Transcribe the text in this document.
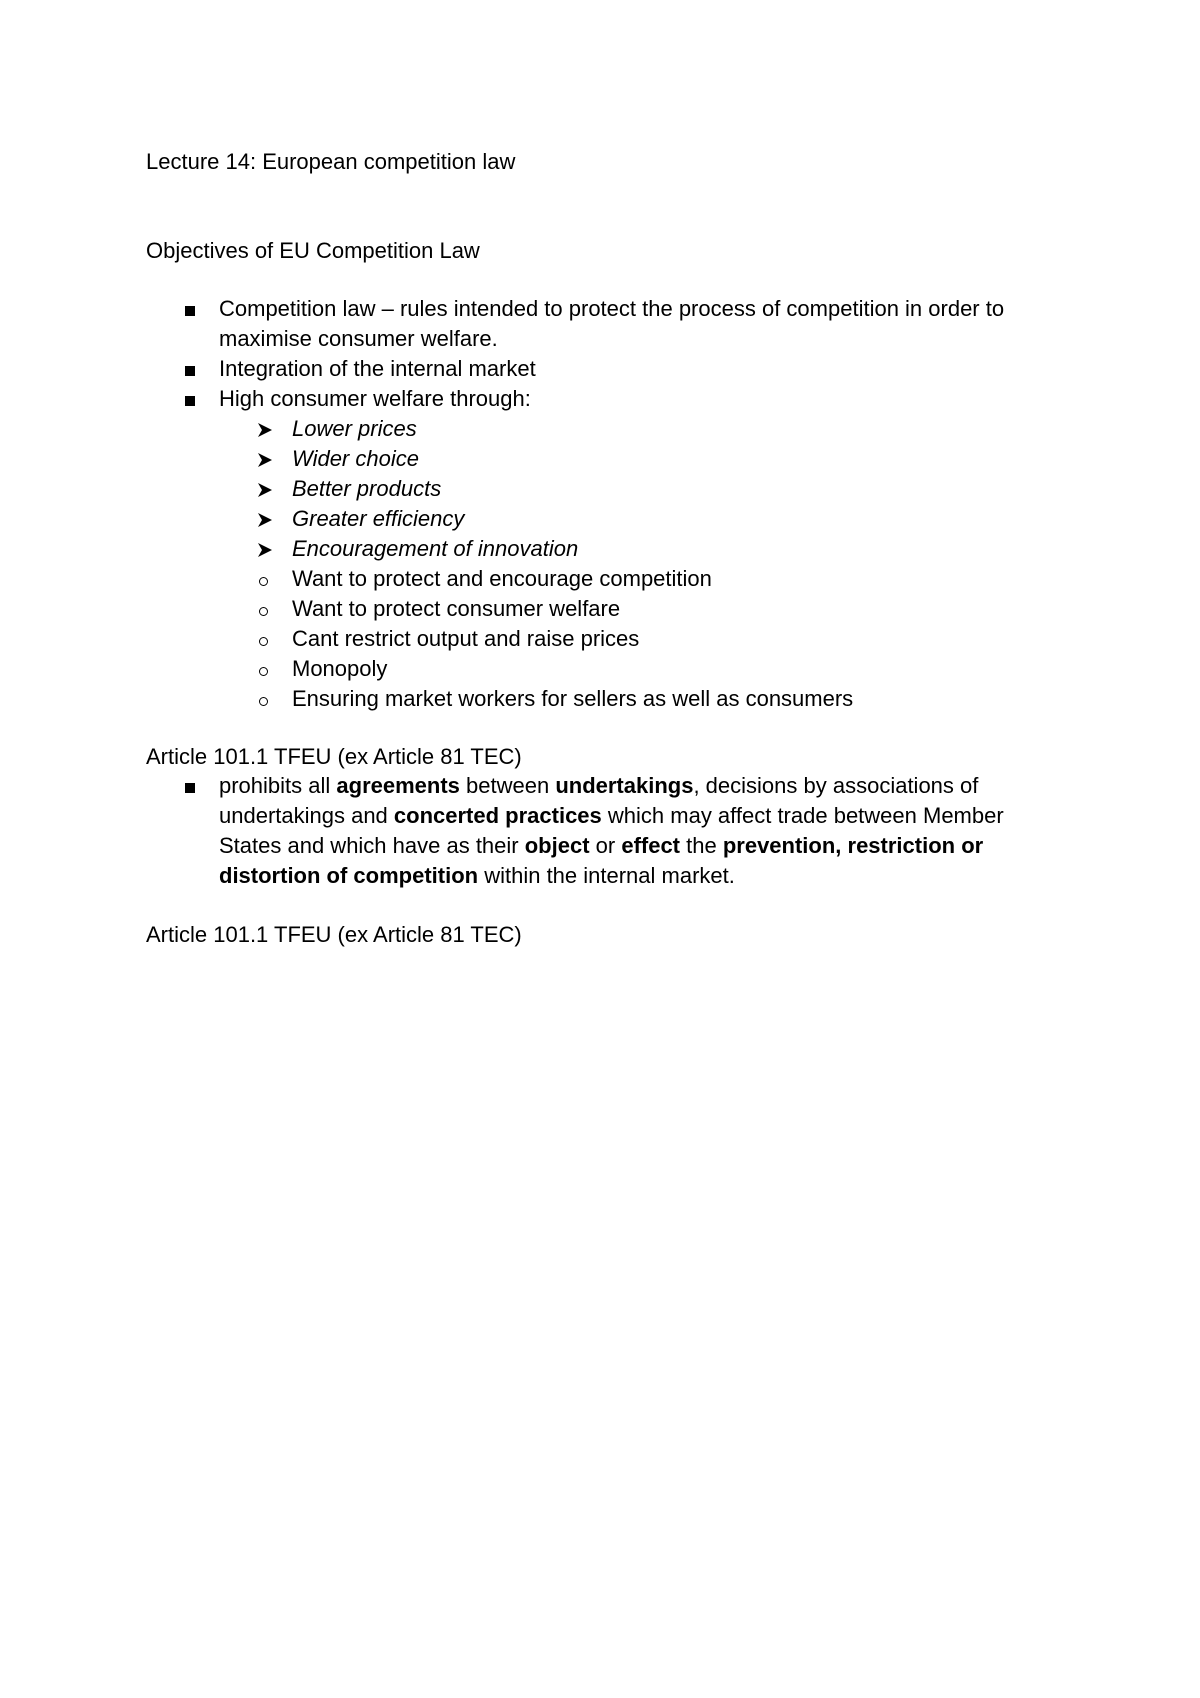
Lecture 14: European competition law
Objectives of EU Competition Law
Competition law – rules intended to protect the process of competition in order to
maximise consumer welfare.
Integration of the internal market
High consumer welfare through:
Lower prices
Wider choice
Better products
Greater efficiency
Encouragement of innovation
Want to protect and encourage competition
Want to protect consumer welfare
Cant restrict output and raise prices
Monopoly
Ensuring market workers for sellers as well as consumers
Article 101.1 TFEU (ex Article 81 TEC)
prohibits all agreements between undertakings, decisions by associations of
undertakings and concerted practices which may affect trade between Member
States and which have as their object or effect the prevention, restriction or
distortion of competition within the internal market.
Article 101.1 TFEU (ex Article 81 TEC)
